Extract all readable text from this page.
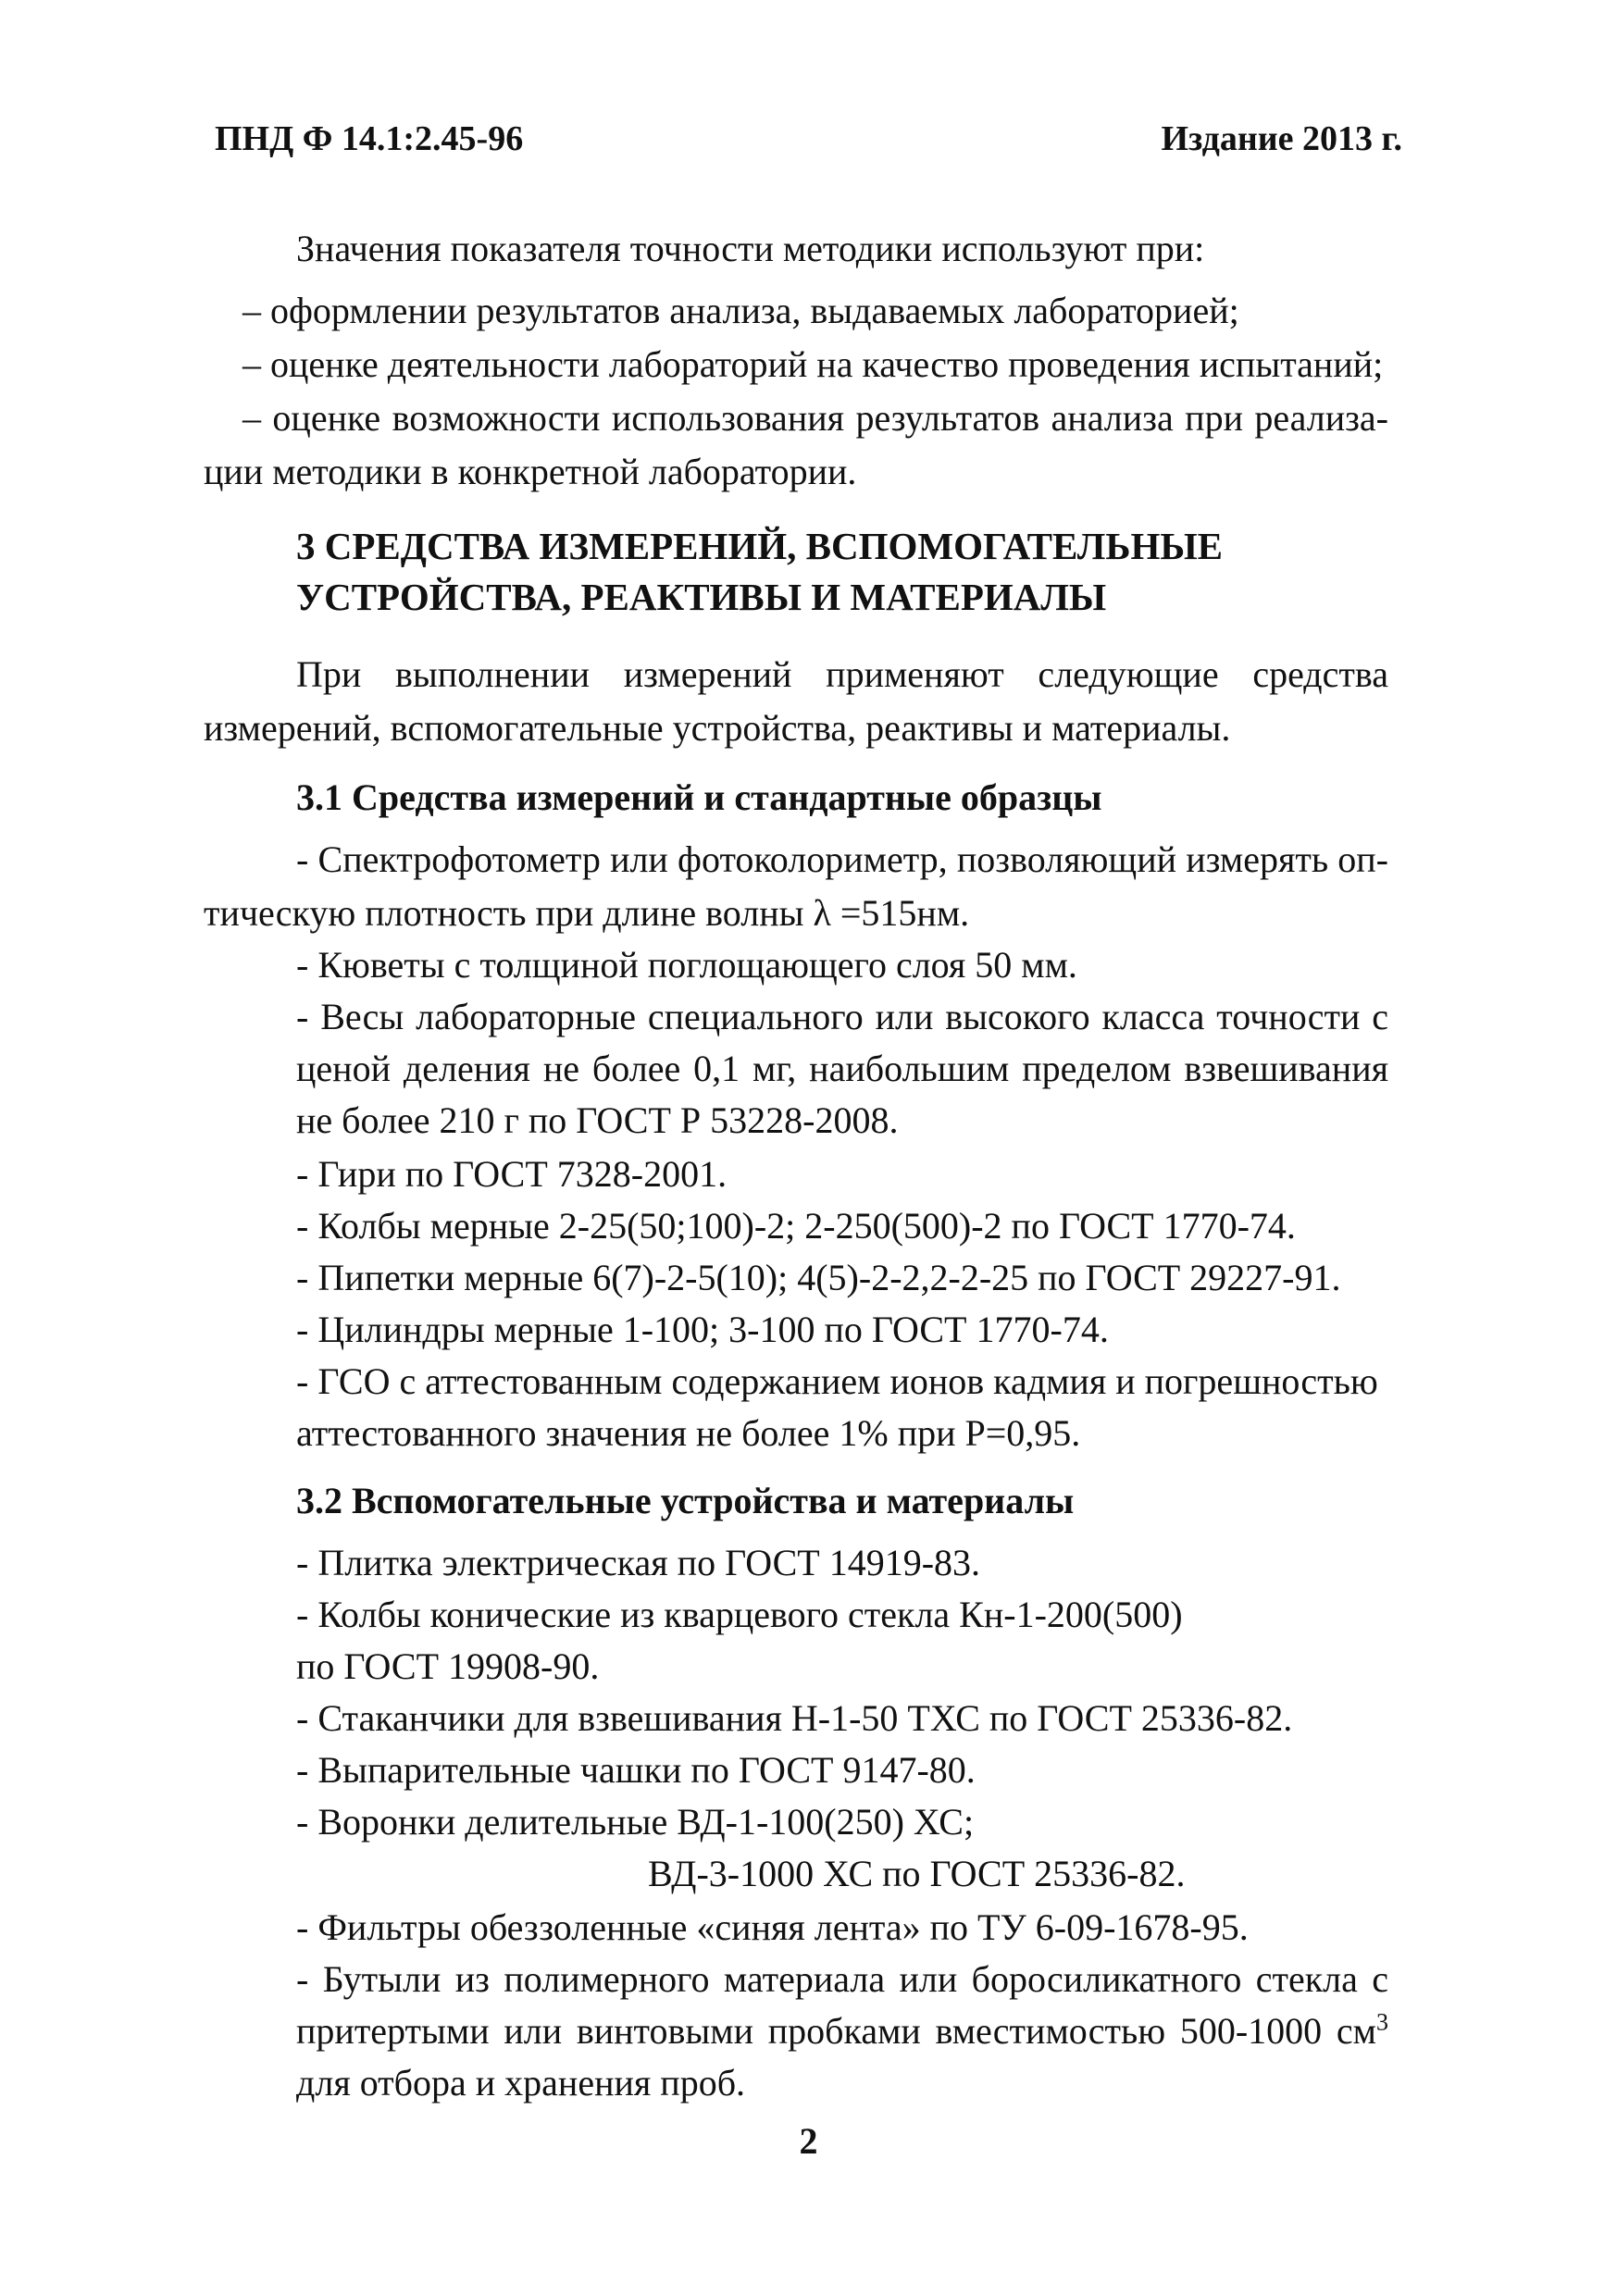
ПНД Ф 14.1:2.45-96	Издание 2013 г.
Значения показателя точности методики используют при:
– оформлении результатов анализа, выдаваемых лабораторией;
– оценке деятельности лабораторий на качество проведения испытаний;
– оценке возможности использования результатов анализа при реализа-
ции методики в конкретной лаборатории.
3 СРЕДСТВА ИЗМЕРЕНИЙ, ВСПОМОГАТЕЛЬНЫЕ
УСТРОЙСТВА, РЕАКТИВЫ И МАТЕРИАЛЫ
При выполнении измерений применяют следующие средства
измерений, вспомогательные устройства, реактивы и материалы.
3.1 Средства измерений и стандартные образцы
- Спектрофотометр или фотоколориметр, позволяющий измерять оп-
тическую плотность при длине волны λ =515нм.
- Кюветы с толщиной поглощающего слоя 50 мм.
- Весы лабораторные специального или высокого класса точности с
ценой деления не более 0,1 мг, наибольшим пределом взвешивания
не более 210 г по ГОСТ Р 53228-2008.
- Гири по ГОСТ 7328-2001.
- Колбы мерные 2-25(50;100)-2; 2-250(500)-2 по ГОСТ 1770-74.
- Пипетки мерные 6(7)-2-5(10); 4(5)-2-2,2-2-25 по ГОСТ 29227-91.
- Цилиндры мерные 1-100; 3-100 по ГОСТ 1770-74.
- ГСО с аттестованным содержанием ионов кадмия и погрешностью
аттестованного значения не более 1% при Р=0,95.
3.2 Вспомогательные устройства и материалы
- Плитка электрическая по ГОСТ 14919-83.
- Колбы конические из кварцевого стекла Кн-1-200(500)
по ГОСТ 19908-90.
- Стаканчики для взвешивания Н-1-50 ТХС по ГОСТ 25336-82.
- Выпарительные чашки по ГОСТ 9147-80.
- Воронки делительные ВД-1-100(250) ХС;
ВД-3-1000 ХС по ГОСТ 25336-82.
- Фильтры обеззоленные «синяя лента» по ТУ 6-09-1678-95.
- Бутыли из полимерного материала или боросиликатного стекла с
притертыми или винтовыми пробками вместимостью 500-1000 $см^3$
для отбора и хранения проб.
2
